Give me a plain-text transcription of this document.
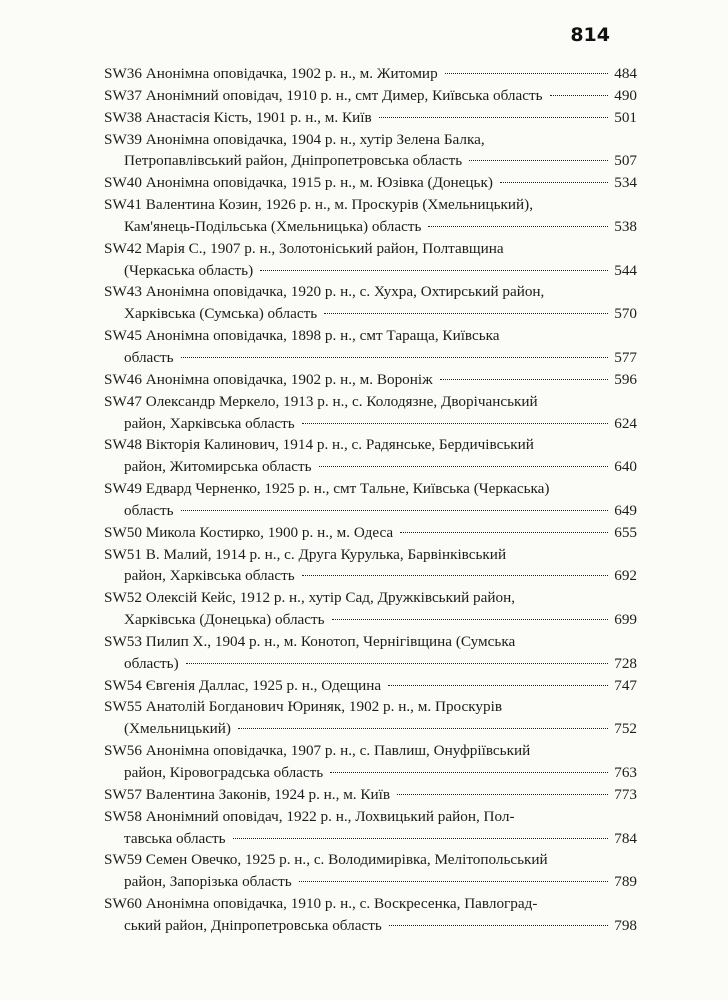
814
SW36 Анонімна оповідачка, 1902 р. н., м. Житомир	484
SW37 Анонімний оповідач, 1910 р. н., смт Димер, Київська область	490
SW38 Анастасія Кість, 1901 р. н., м. Київ	501
SW39 Анонімна оповідачка, 1904 р. н., хутір Зелена Балка,
Петропавлівський район, Дніпропетровська область	507
SW40 Анонімна оповідачка, 1915 р. н., м. Юзівка (Донецьк)	534
SW41 Валентина Козин, 1926 р. н., м. Проскурів (Хмельницький),
Кам'янець-Подільська (Хмельницька) область	538
SW42 Марія С., 1907 р. н., Золотоніський район, Полтавщина
(Черкаська область)	544
SW43 Анонімна оповідачка, 1920 р. н., с. Хухра, Охтирський район,
Харківська (Сумська) область	570
SW45 Анонімна оповідачка, 1898 р. н., смт Тараща, Київська
область	577
SW46 Анонімна оповідачка, 1902 р. н., м. Воронiж	596
SW47 Олександр Меркело, 1913 р. н., с. Колодязне, Дворічанський
район, Харківська область	624
SW48 Вікторія Калинович, 1914 р. н., с. Радянське, Бердичівський
район, Житомирська область	640
SW49 Едвард Черненко, 1925 р. н., смт Тальне, Київська (Черкаська)
область	649
SW50 Микола Костирко, 1900 р. н., м. Одеса	655
SW51 В. Малий, 1914 р. н., с. Друга Курулька, Барвінківський
район, Харківська область	692
SW52 Олексій Кейс, 1912 р. н., хутір Сад, Дружківський район,
Харківська (Донецька) область	699
SW53 Пилип Х., 1904 р. н., м. Конотоп, Чернігівщина (Сумська
область)	728
SW54 Євгенія Даллас, 1925 р. н., Одещина	747
SW55 Анатолій Богданович Юриняк, 1902 р. н., м. Проскурів
(Хмельницький)	752
SW56 Анонімна оповідачка, 1907 р. н., с. Павлиш, Онуфріївський
район, Кіровоградська область	763
SW57 Валентина Законів, 1924 р. н., м. Київ	773
SW58 Анонімний оповідач, 1922 р. н., Лохвицький район, Пол-
тавська область	784
SW59 Семен Овечко, 1925 р. н., с. Володимирівка, Мелітопольський
район, Запорізька область	789
SW60 Анонімна оповідачка, 1910 р. н., с. Воскресенка, Павлоград-
ський район, Дніпропетровська область	798
